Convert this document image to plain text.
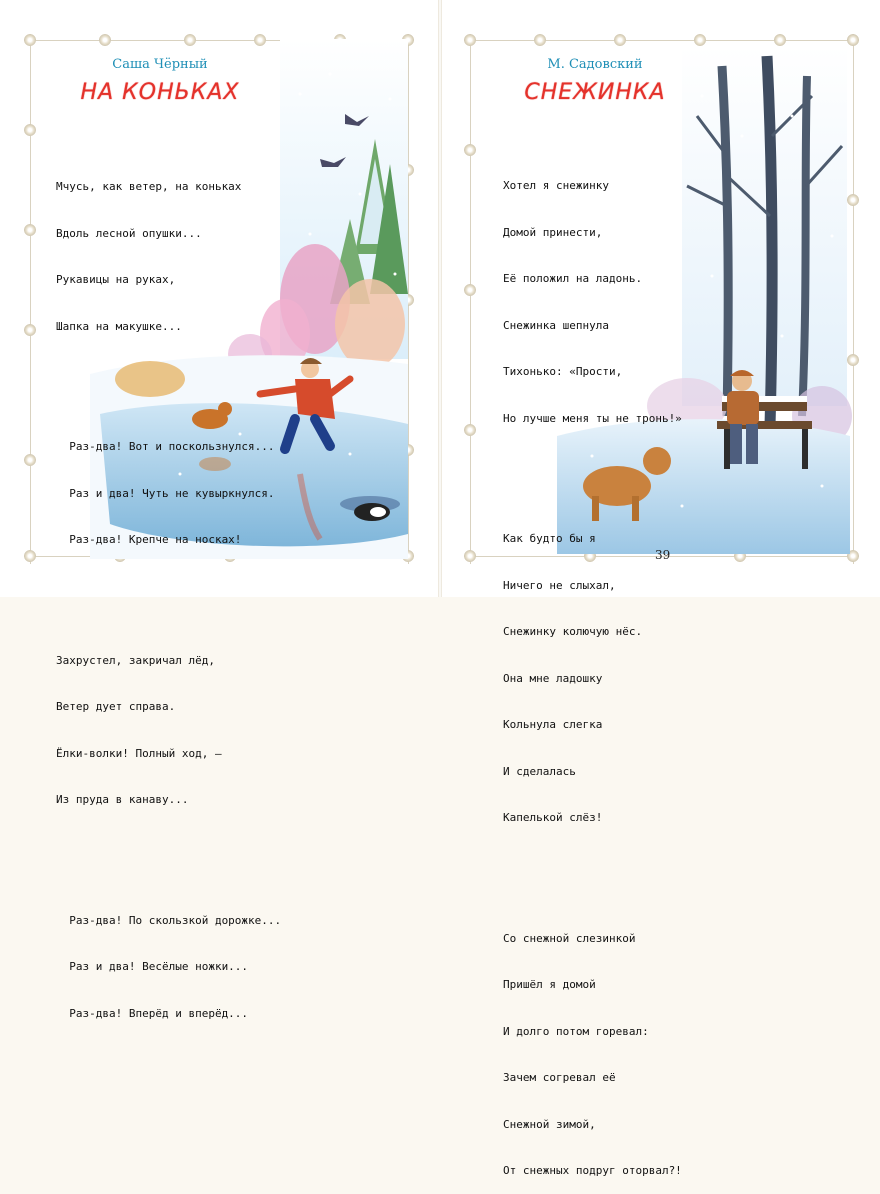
Саша Чёрный
НА КОНЬКАХ

Мчусь, как ветер, на коньках

Вдоль лесной опушки...

Рукавицы на руках,

Шапка на макушке...

Раз-два! Вот и поскользнулся...

Раз и два! Чуть не кувыркнулся.

Раз-два! Крепче на носках!

Захрустел, закричал лёд,

Ветер дует справа.

Ёлки-волки! Полный ход, –

Из пруда в канаву...

Раз-два! По скользкой дорожке...

Раз и два! Весёлые ножки...

Раз-два! Вперёд и вперёд...

М. Садовский
СНЕЖИНКА

Хотел я снежинку

Домой принести,

Её положил на ладонь.

Снежинка шепнула

Тихонько: «Прости,

Но лучше меня ты не тронь!»

Как будто бы я

Ничего не слыхал,

Снежинку колючую нёс.

Она мне ладошку

Кольнула слегка

И сделалась

Капелькой слёз!

Со снежной слезинкой

Пришёл я домой

И долго потом горевал:

Зачем согревал её

Снежной зимой,

От снежных подруг оторвал?!

39
